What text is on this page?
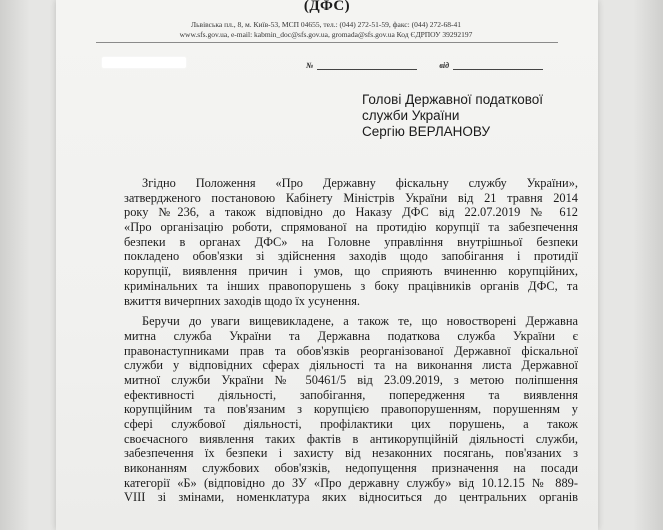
(ДФС)
Львівська пл., 8, м. Київ-53, МСП 04655, тел.: (044) 272-51-59, факс: (044) 272-68-41
www.sfs.gov.ua, e-mail: kabmin_doc@sfs.gov.ua, gromada@sfs.gov.ua Код ЄДРПОУ 39292197
№	від
Голові Державної податкової
служби України
Сергію ВЕРЛАНОВУ
Згідно Положення «Про Державну фіскальну службу України»,
затвердженого постановою Кабінету Міністрів України від 21 травня 2014
року №236, а також відповідно до Наказу ДФС від 22.07.2019 № 612
«Про організацію роботи, спрямованої на протидію корупції та забезпечення
безпеки в органах ДФС» на Головне управління внутрішньої безпеки
покладено обов'язки зі здійснення заходів щодо запобігання і протидії
корупції, виявлення причин і умов, що сприяють вчиненню корупційних,
кримінальних та інших правопорушень з боку працівників органів ДФС, та
вжиття вичерпних заходів щодо їх усунення.
Беручи до уваги вищевикладене, а також те, що новостворені Державна
митна служба України та Державна податкова служба України є
правонаступниками прав та обов'язків реорганізованої Державної фіскальної
служби у відповідних сферах діяльності та на виконання листа Державної
митної служби України № 50461/5 від 23.09.2019, з метою поліпшення
ефективності діяльності, запобігання, попередження та виявлення
корупційним та пов'язаним з корупцією правопорушенням, порушенням у
сфері службової діяльності, профілактики цих порушень, а також
своєчасного виявлення таких фактів в антикорупційній діяльності служби,
забезпечення їх безпеки і захисту від незаконних посягань, пов'язаних з
виконанням службових обов'язків, недопущення призначення на посади
категорії «Б» (відповідно до ЗУ «Про державну службу» від 10.12.15 № 889-
VIII зі змінами, номенклатура яких відноситься до центральних органів
